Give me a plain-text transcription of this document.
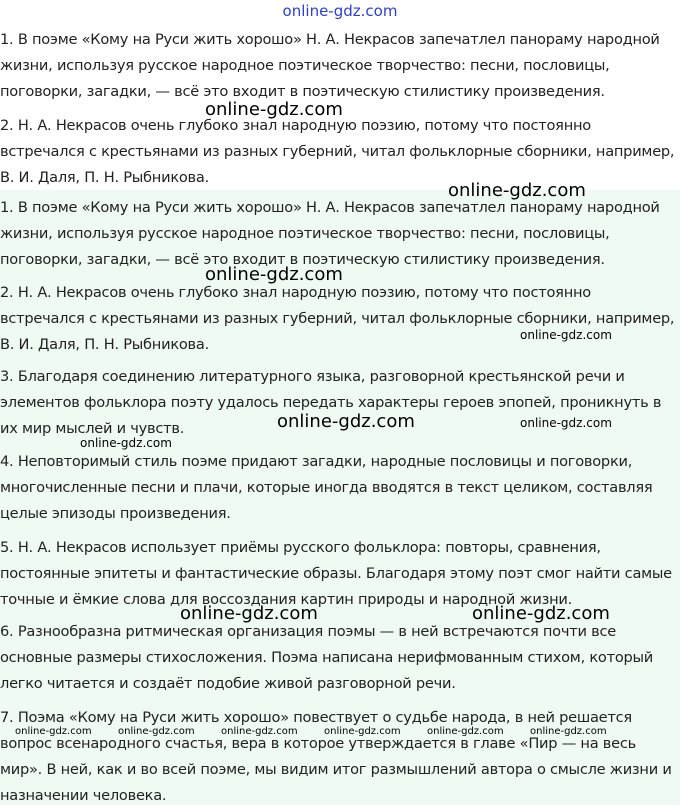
online-gdz.com

1. В поэме «Кому на Руси жить хорошо» Н. А. Некрасов запечатлел панораму народной жизни, используя русское народное поэтическое творчество: песни, пословицы, поговорки, загадки, — всё это входит в поэтическую стилистику произведения.

2. Н. А. Некрасов очень глубоко знал народную поэзию, потому что постоянно встречался с крестьянами из разных губерний, читал фольклорные сборники, например, В. И. Даля, П. Н. Рыбникова.

1. В поэме «Кому на Руси жить хорошо» Н. А. Некрасов запечатлел панораму народной жизни, используя русское народное поэтическое творчество: песни, пословицы, поговорки, загадки, — всё это входит в поэтическую стилистику произведения.

2. Н. А. Некрасов очень глубоко знал народную поэзию, потому что постоянно встречался с крестьянами из разных губерний, читал фольклорные сборники, например, В. И. Даля, П. Н. Рыбникова.

3. Благодаря соединению литературного языка, разговорной крестьянской речи и элементов фольклора поэту удалось передать характеры героев эпопей, проникнуть в их мир мыслей и чувств.

4. Неповторимый стиль поэме придают загадки, народные пословицы и поговорки, многочисленные песни и плачи, которые иногда вводятся в текст целиком, составляя целые эпизоды произведения.

5. Н. А. Некрасов использует приёмы русского фольклора: повторы, сравнения, постоянные эпитеты и фантастические образы. Благодаря этому поэт смог найти самые точные и ёмкие слова для воссоздания картин природы и народной жизни.

6. Разнообразна ритмическая организация поэмы — в ней встречаются почти все основные размеры стихосложения. Поэма написана нерифмованным стихом, который легко читается и создаёт подобие живой разговорной речи.

7. Поэма «Кому на Руси жить хорошо» повествует о судьбе народа, в ней решается вопрос всенародного счастья, вера в которое утверждается в главе «Пир — на весь мир». В ней, как и во всей поэме, мы видим итог размышлений автора о смысле жизни и назначении человека.

online-gdz.com
online-gdz.com
online-gdz.com
online-gdz.com
online-gdz.com	online-gdz.com
online-gdz.com
online-gdz.com	online-gdz.com
online-gdz.com	online-gdz.com	online-gdz.com	online-gdz.com	online-gdz.com	online-gdz.com
